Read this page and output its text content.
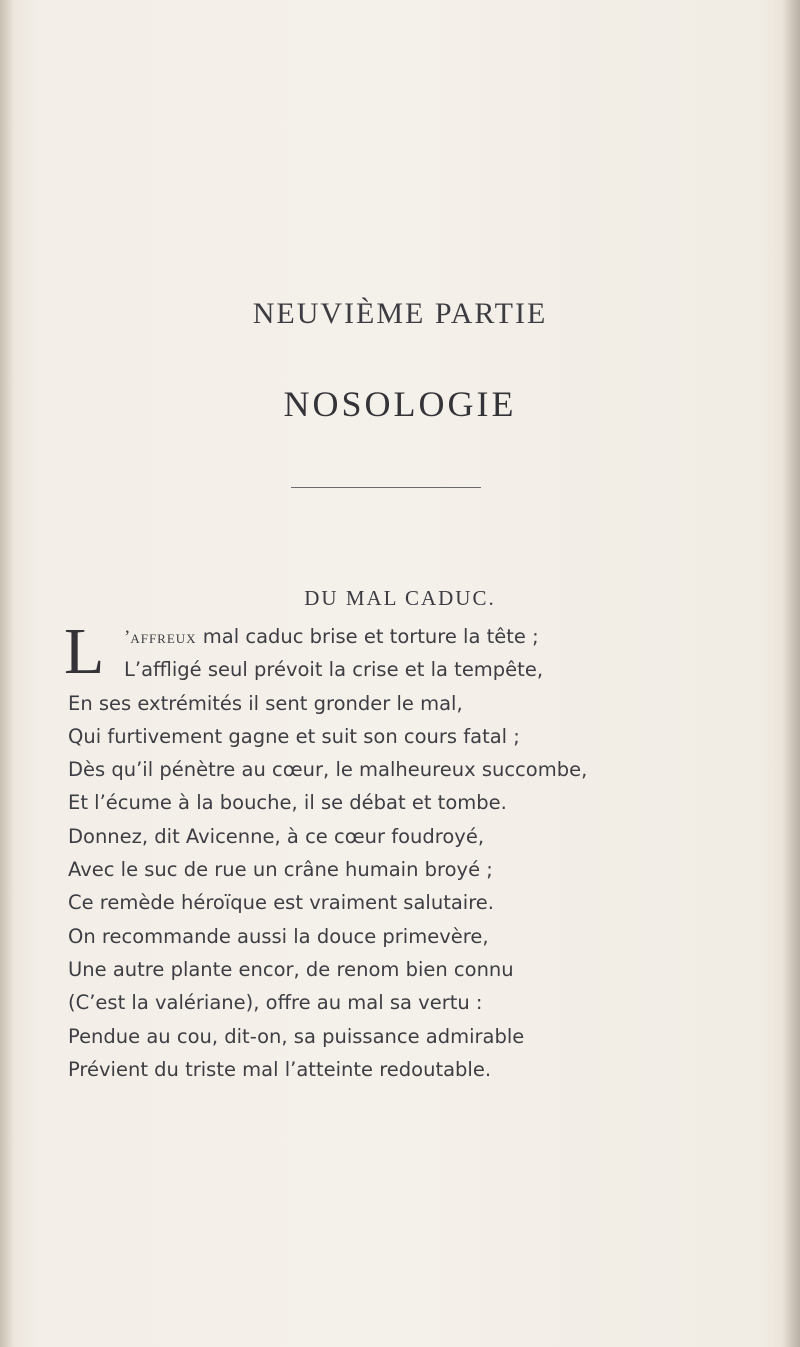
NEUVIÈME PARTIE
NOSOLOGIE
DU MAL CADUC.
L	’AFFREUX mal caduc brise et torture la tête ;
L’affligé seul prévoit la crise et la tempête,
En ses extrémités il sent gronder le mal,
Qui furtivement gagne et suit son cours fatal ;
Dès qu’il pénètre au cœur, le malheureux succombe,
Et l’écume à la bouche, il se débat et tombe.
Donnez, dit Avicenne, à ce cœur foudroyé,
Avec le suc de rue un crâne humain broyé ;
Ce remède héroïque est vraiment salutaire.
On recommande aussi la douce primevère,
Une autre plante encor, de renom bien connu
(C’est la valériane), offre au mal sa vertu :
Pendue au cou, dit-on, sa puissance admirable
Prévient du triste mal l’atteinte redoutable.
